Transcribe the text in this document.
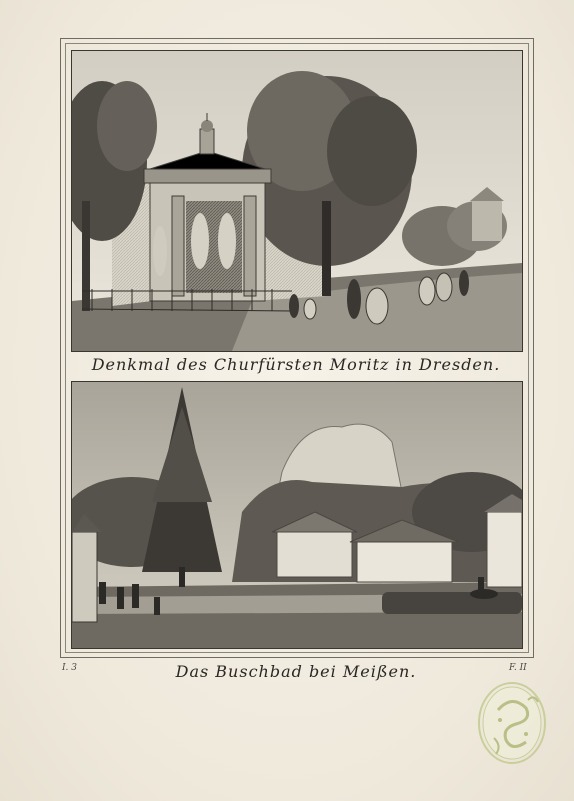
Denkmal des Churfürsten Moritz in Dresden.
Das Buschbad bei Meißen.
I. 3	F. II
